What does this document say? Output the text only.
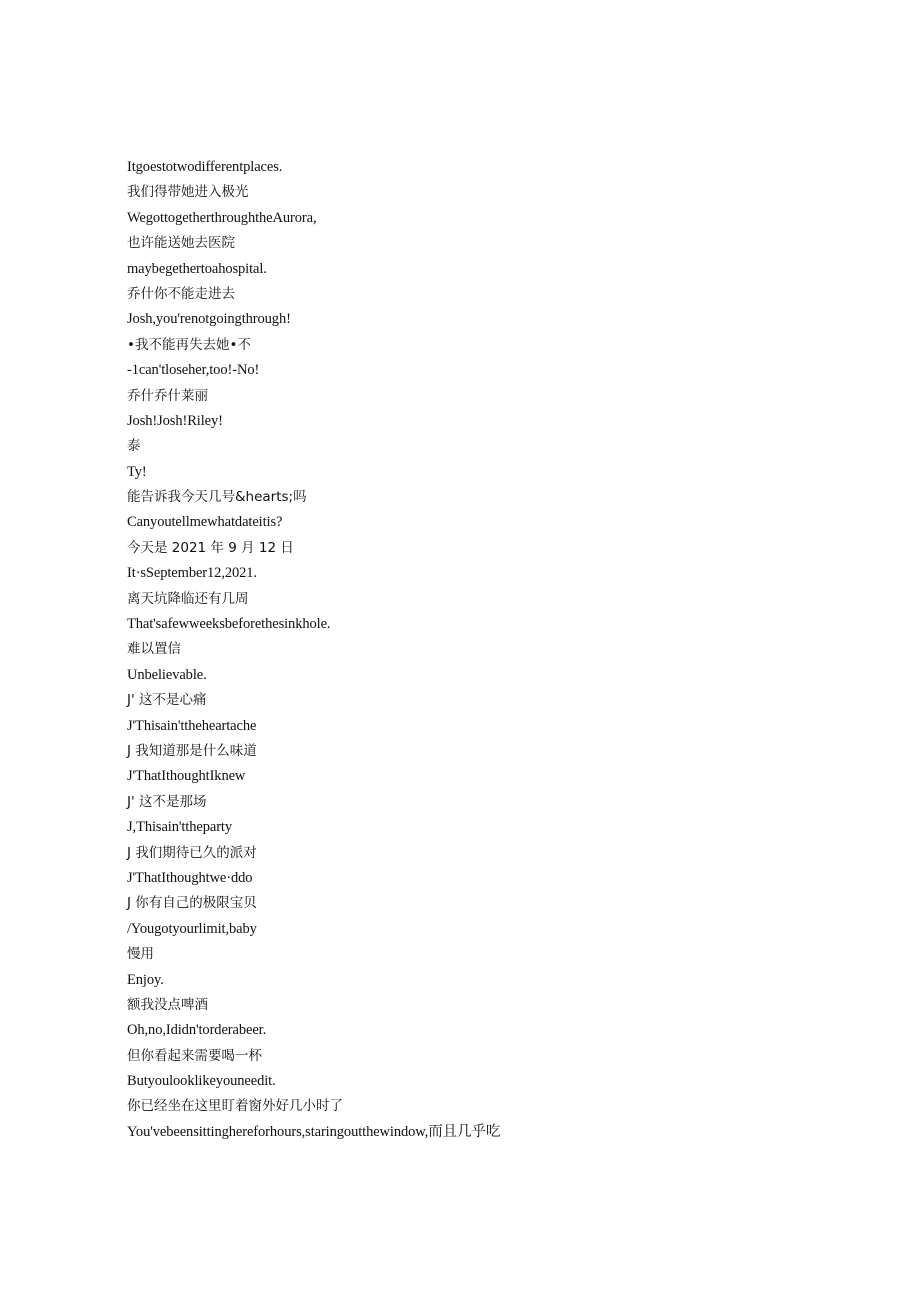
Itgoestotwodifferentplaces.
我们得带她进入极光
WegottogetherthroughtheAurora,
也许能送她去医院
maybegethertoahospital.
乔什你不能走进去
Josh,you'renotgoingthrough!
•我不能再失去她•不
-1can'tloseher,too!-No!
乔什乔什莱丽
Josh!Josh!Riley!
泰
Ty!
能告诉我今天几号&hearts;吗
Canyoutellmewhatdateitis?
今天是 2021 年 9 月 12 日
It·sSeptember12,2021.
离天坑降临还有几周
That'safewweeksbeforethesinkhole.
难以置信
Unbelievable.
J' 这不是心痛
J'Thisain'ttheheartache
J 我知道那是什么味道
J'ThatIthoughtIknew
J' 这不是那场
J,Thisain'ttheparty
J 我们期待已久的派对
J'ThatIthoughtwe·ddo
J 你有自己的极限宝贝
/Yougotyourlimit,baby
慢用
Enjoy.
额我没点啤酒
Oh,no,Ididn'torderabeer.
但你看起来需要喝一杯
Butyoulooklikeyouneedit.
你已经坐在这里盯着窗外好几小时了
You'vebeensittinghereforhours,staringoutthewindow,而且几乎吃
